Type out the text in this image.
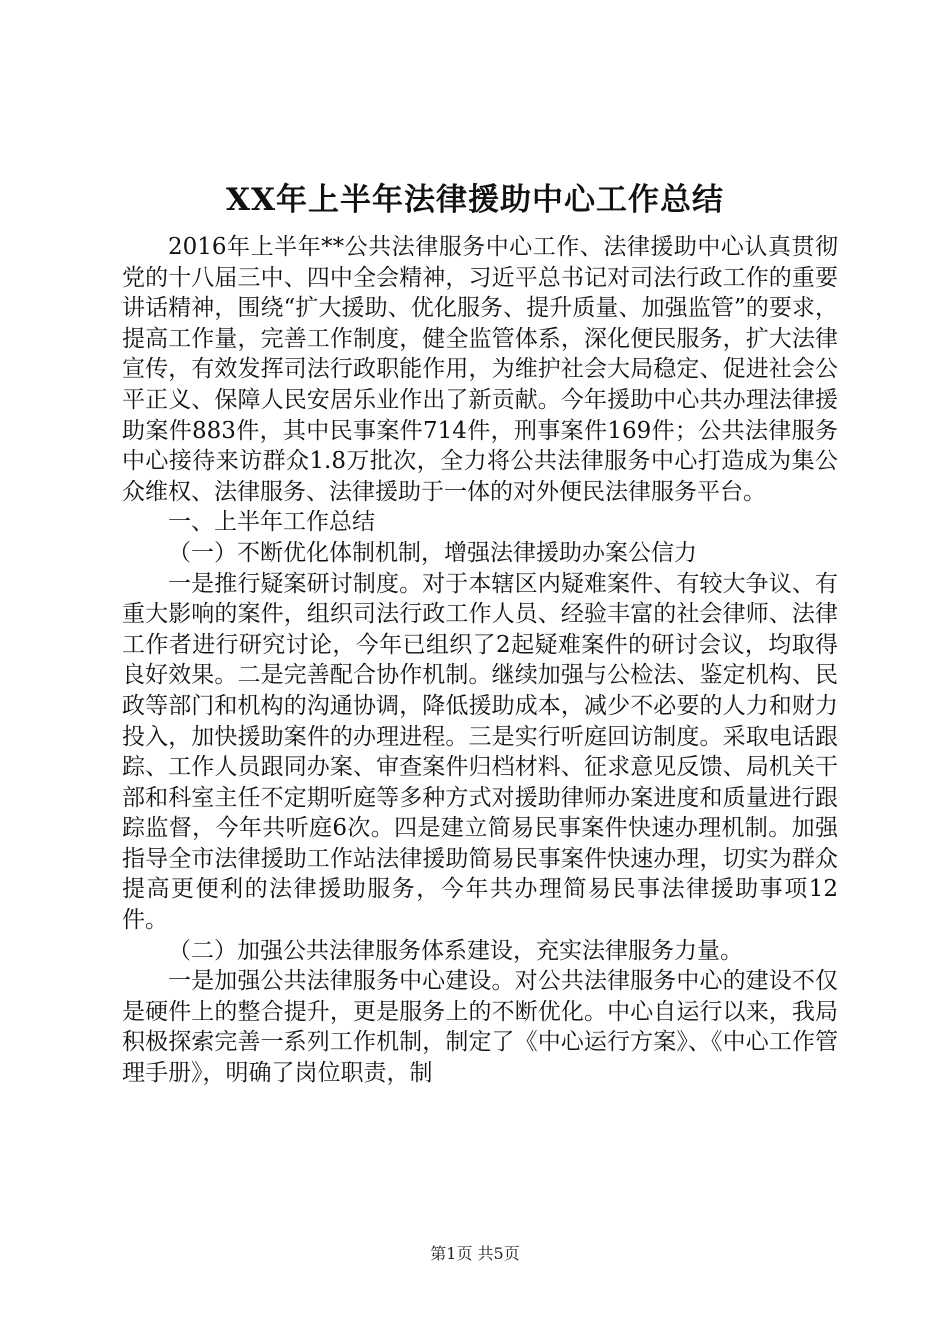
XX年上半年法律援助中心工作总结

2016年上半年**公共法律服务中心工作、法律援助中心认真贯彻党的十八届三中、四中全会精神，习近平总书记对司法行政工作的重要讲话精神，围绕“扩大援助、优化服务、提升质量、加强监管”的要求，提高工作量，完善工作制度，健全监管体系，深化便民服务，扩大法律宣传，有效发挥司法行政职能作用，为维护社会大局稳定、促进社会公平正义、保障人民安居乐业作出了新贡献。今年援助中心共办理法律援助案件883件，其中民事案件714件，刑事案件169件；公共法律服务中心接待来访群众1.8万批次，全力将公共法律服务中心打造成为集公众维权、法律服务、法律援助于一体的对外便民法律服务平台。

一、上半年工作总结

（一）不断优化体制机制，增强法律援助办案公信力

一是推行疑案研讨制度。对于本辖区内疑难案件、有较大争议、有重大影响的案件，组织司法行政工作人员、经验丰富的社会律师、法律工作者进行研究讨论，今年已组织了2起疑难案件的研讨会议，均取得良好效果。二是完善配合协作机制。继续加强与公检法、鉴定机构、民政等部门和机构的沟通协调，降低援助成本，减少不必要的人力和财力投入，加快援助案件的办理进程。三是实行听庭回访制度。采取电话跟踪、工作人员跟同办案、审查案件归档材料、征求意见反馈、局机关干部和科室主任不定期听庭等多种方式对援助律师办案进度和质量进行跟踪监督，今年共听庭6次。四是建立简易民事案件快速办理机制。加强指导全市法律援助工作站法律援助简易民事案件快速办理，切实为群众提高更便利的法律援助服务，今年共办理简易民事法律援助事项12件。

（二）加强公共法律服务体系建设，充实法律服务力量。

一是加强公共法律服务中心建设。对公共法律服务中心的建设不仅是硬件上的整合提升，更是服务上的不断优化。中心自运行以来，我局积极探索完善一系列工作机制，制定了《中心运行方案》、《中心工作管理手册》，明确了岗位职责，制

第1页 共5页
